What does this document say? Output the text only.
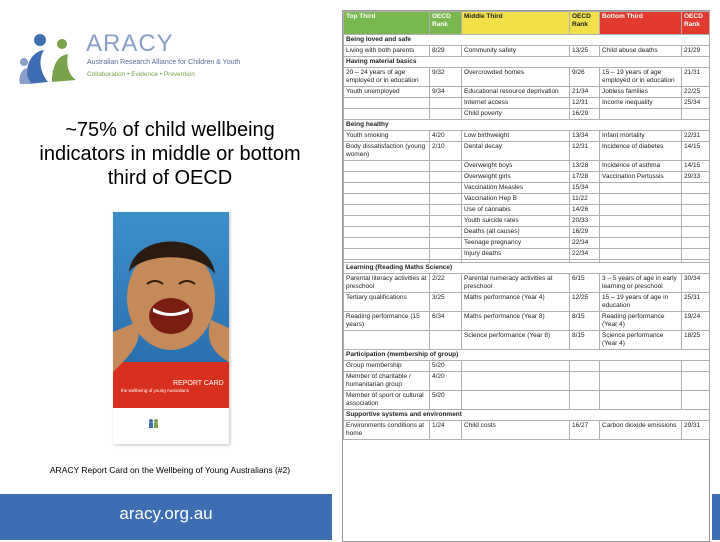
ARACY
Australian Research Alliance for Children & Youth
Collaboration • Evidence • Prevention
~75% of child wellbeing indicators in middle or bottom third of OECD
REPORT CARD
the wellbeing of young Australians
ARACY Report Card on the Wellbeing of Young Australians (#2)
aracy.org.au
Top Third	OECD Rank	Middle Third	OECD Rank	Bottom Third	OECD Rank
Being loved and safe					
Living with both parents	8/29	Community safety	13/25	Child abuse deaths	21/29
Having material basics					
20 – 24 years of age employed or in education	9/32	Overcrowded homes	9/26	15 – 19 years of age employed or in education	21/31
Youth unemployed	9/34	Educational resource deprivation	21/34	Jobless families	22/25
		Internet access	12/31	Income inequality	25/34
		Child poverty	16/29		
Being healthy					
Youth smoking	4/20	Low birthweight	13/34	Infant mortality	22/31
Body dissatisfaction (young women)	2/10	Dental decay	12/31	Incidence of diabetes	14/15
		Overweight boys	13/28	Incidence of asthma	14/15
		Overweight girls	17/28	Vaccination Pertussis	29/33
		Vaccination Measles	15/34		
		Vaccination Hep B	11/22		
		Use of cannabis	14/26		
		Youth suicide rates	20/33		
		Deaths (all causes)	16/29		
		Teenage pregnancy	22/34		
		Injury deaths	22/34		

Learning (Reading Maths Science)					
Parental literacy activities at preschool	2/22	Parental numeracy activities at preschool	6/15	3 – 5 years of age in early learning or preschool	30/34
Tertiary qualifications	3/25	Maths performance (Year 4)	12/25	15 – 19 years of age in education	25/31
Reading performance (15 years)	6/34	Maths performance (Year 8)	8/15	Reading performance (Year 4)	19/24
		Science performance (Year 8)	8/15	Science performance (Year 4)	18/25
Participation (membership of group)					
Group membership	5/20				
Member of charitable / humanitarian group	4/20				
Member of sport or cultural association	5/20				
Supportive systems and environment					
Environments conditions at home	1/24	Child costs	16/27	Carbon dioxide emissions	29/31
